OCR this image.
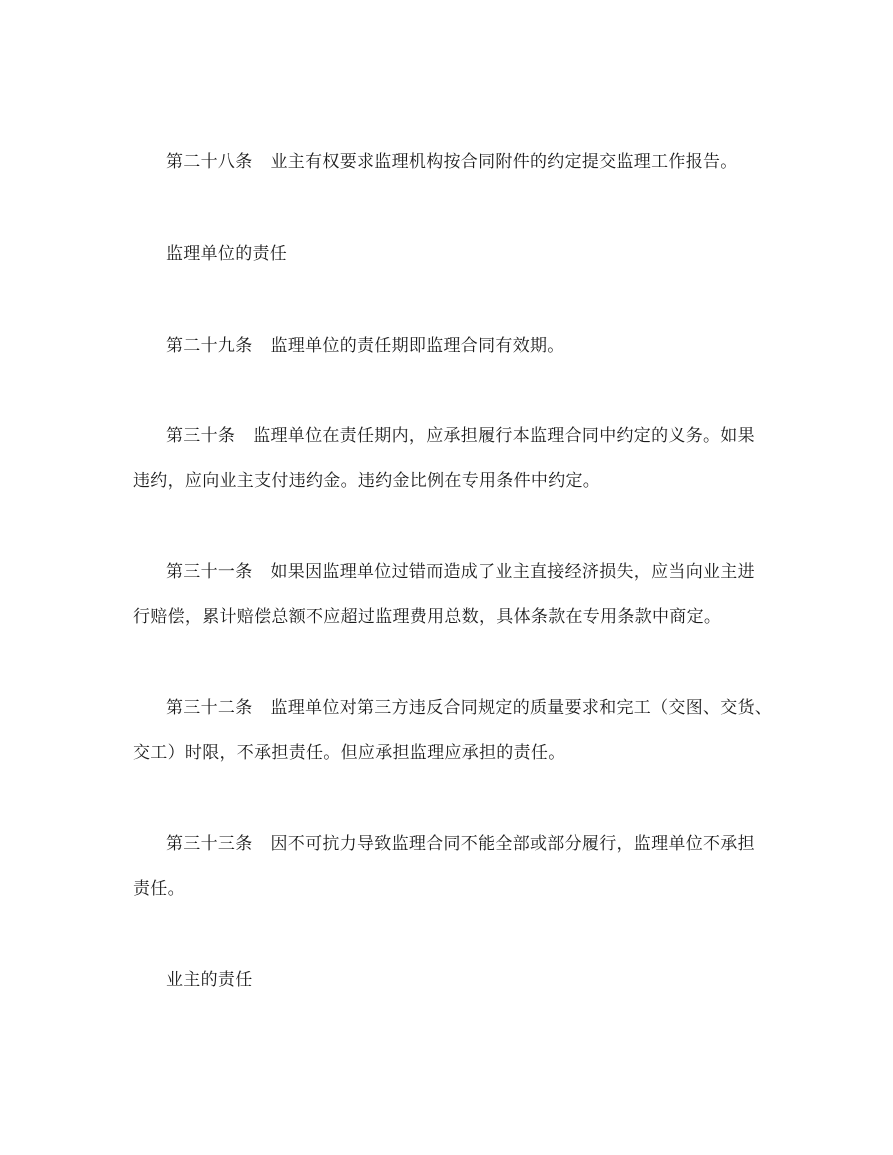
第二十八条 业主有权要求监理机构按合同附件的约定提交监理工作报告。
监理单位的责任
第二十九条 监理单位的责任期即监理合同有效期。
第三十条 监理单位在责任期内，应承担履行本监理合同中约定的义务。如果
违约，应向业主支付违约金。违约金比例在专用条件中约定。
第三十一条 如果因监理单位过错而造成了业主直接经济损失，应当向业主进
行赔偿，累计赔偿总额不应超过监理费用总数，具体条款在专用条款中商定。
第三十二条 监理单位对第三方违反合同规定的质量要求和完工（交图、交货、
交工）时限，不承担责任。但应承担监理应承担的责任。
第三十三条 因不可抗力导致监理合同不能全部或部分履行，监理单位不承担
责任。
业主的责任
